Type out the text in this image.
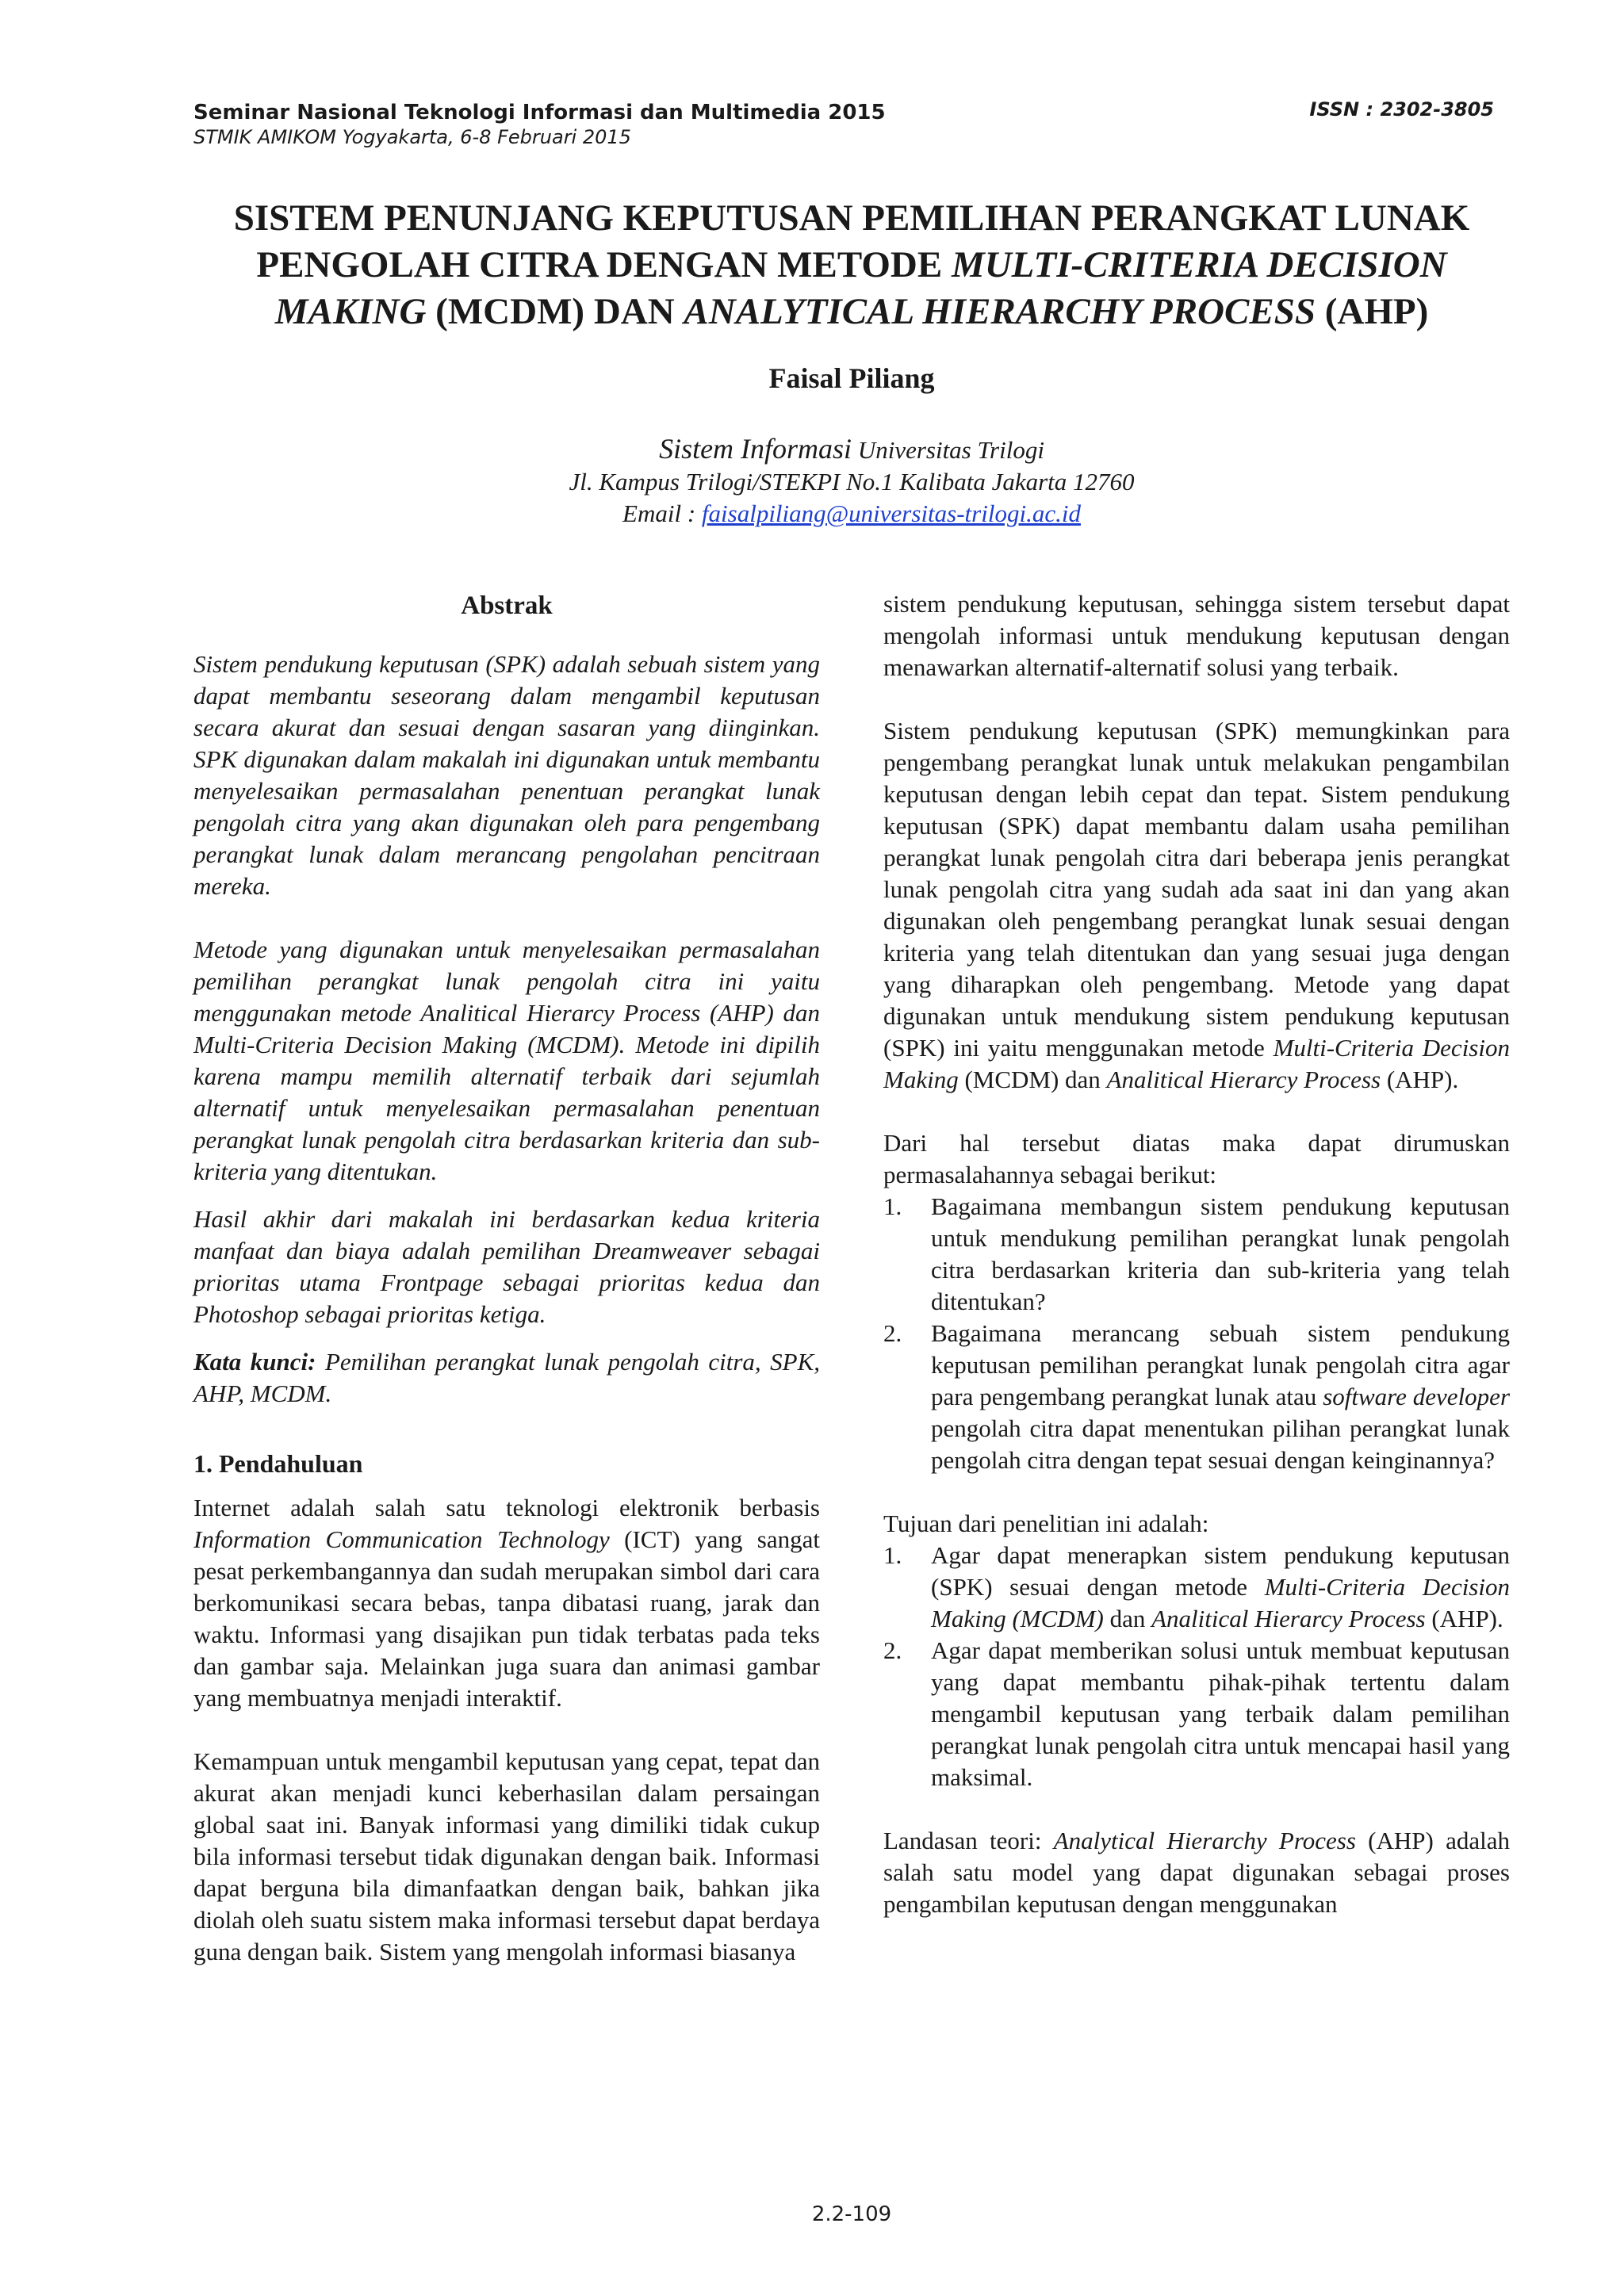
Seminar Nasional Teknologi Informasi dan Multimedia 2015
STMIK AMIKOM Yogyakarta, 6-8 Februari 2015
ISSN : 2302-3805
SISTEM PENUNJANG KEPUTUSAN PEMILIHAN PERANGKAT LUNAK
PENGOLAH CITRA DENGAN METODE MULTI-CRITERIA DECISION
MAKING (MCDM) DAN ANALYTICAL HIERARCHY PROCESS (AHP)
Faisal Piliang
Sistem Informasi Universitas Trilogi
Jl. Kampus Trilogi/STEKPI No.1 Kalibata Jakarta 12760
Email : faisalpiliang@universitas-trilogi.ac.id

Abstrak

Sistem pendukung keputusan (SPK) adalah sebuah sistem yang dapat membantu seseorang dalam mengambil keputusan secara akurat dan sesuai dengan sasaran yang diinginkan. SPK digunakan dalam makalah ini digunakan untuk membantu menyelesaikan permasalahan penentuan perangkat lunak pengolah citra yang akan digunakan oleh para pengembang perangkat lunak dalam merancang pengolahan pencitraan mereka.

Metode yang digunakan untuk menyelesaikan permasalahan pemilihan perangkat lunak pengolah citra ini yaitu menggunakan metode Analitical Hierarcy Process (AHP) dan Multi-Criteria Decision Making (MCDM). Metode ini dipilih karena mampu memilih alternatif terbaik dari sejumlah alternatif untuk menyelesaikan permasalahan penentuan perangkat lunak pengolah citra berdasarkan kriteria dan sub-kriteria yang ditentukan.

Hasil akhir dari makalah ini berdasarkan kedua kriteria manfaat dan biaya adalah pemilihan Dreamweaver sebagai prioritas utama Frontpage sebagai prioritas kedua dan Photoshop sebagai prioritas ketiga.

Kata kunci: Pemilihan perangkat lunak pengolah citra, SPK, AHP, MCDM.

1. Pendahuluan

Internet adalah salah satu teknologi elektronik berbasis Information Communication Technology (ICT) yang sangat pesat perkembangannya dan sudah merupakan simbol dari cara berkomunikasi secara bebas, tanpa dibatasi ruang, jarak dan waktu. Informasi yang disajikan pun tidak terbatas pada teks dan gambar saja. Melainkan juga suara dan animasi gambar yang membuatnya menjadi interaktif.

Kemampuan untuk mengambil keputusan yang cepat, tepat dan akurat akan menjadi kunci keberhasilan dalam persaingan global saat ini. Banyak informasi yang dimiliki tidak cukup bila informasi tersebut tidak digunakan dengan baik. Informasi dapat berguna bila dimanfaatkan dengan baik, bahkan jika diolah oleh suatu sistem maka informasi tersebut dapat berdaya guna dengan baik. Sistem yang mengolah informasi biasanya

sistem pendukung keputusan, sehingga sistem tersebut dapat mengolah informasi untuk mendukung keputusan dengan menawarkan alternatif-alternatif solusi yang terbaik.

Sistem pendukung keputusan (SPK) memungkinkan para pengembang perangkat lunak untuk melakukan pengambilan keputusan dengan lebih cepat dan tepat. Sistem pendukung keputusan (SPK) dapat membantu dalam usaha pemilihan perangkat lunak pengolah citra dari beberapa jenis perangkat lunak pengolah citra yang sudah ada saat ini dan yang akan digunakan oleh pengembang perangkat lunak sesuai dengan kriteria yang telah ditentukan dan yang sesuai juga dengan yang diharapkan oleh pengembang. Metode yang dapat digunakan untuk mendukung sistem pendukung keputusan (SPK) ini yaitu menggunakan metode Multi-Criteria Decision Making (MCDM) dan Analitical Hierarcy Process (AHP).

Dari hal tersebut diatas maka dapat dirumuskan permasalahannya sebagai berikut:

1. Bagaimana membangun sistem pendukung keputusan untuk mendukung pemilihan perangkat lunak pengolah citra berdasarkan kriteria dan sub-kriteria yang telah ditentukan?
2. Bagaimana merancang sebuah sistem pendukung keputusan pemilihan perangkat lunak pengolah citra agar para pengembang perangkat lunak atau software developer pengolah citra dapat menentukan pilihan perangkat lunak pengolah citra dengan tepat sesuai dengan keinginannya?

Tujuan dari penelitian ini adalah:

1. Agar dapat menerapkan sistem pendukung keputusan (SPK) sesuai dengan metode Multi-Criteria Decision Making (MCDM) dan Analitical Hierarcy Process (AHP).
2. Agar dapat memberikan solusi untuk membuat keputusan yang dapat membantu pihak-pihak tertentu dalam mengambil keputusan yang terbaik dalam pemilihan perangkat lunak pengolah citra untuk mencapai hasil yang maksimal.

Landasan teori: Analytical Hierarchy Process (AHP) adalah salah satu model yang dapat digunakan sebagai proses pengambilan keputusan dengan menggunakan

2.2-109
